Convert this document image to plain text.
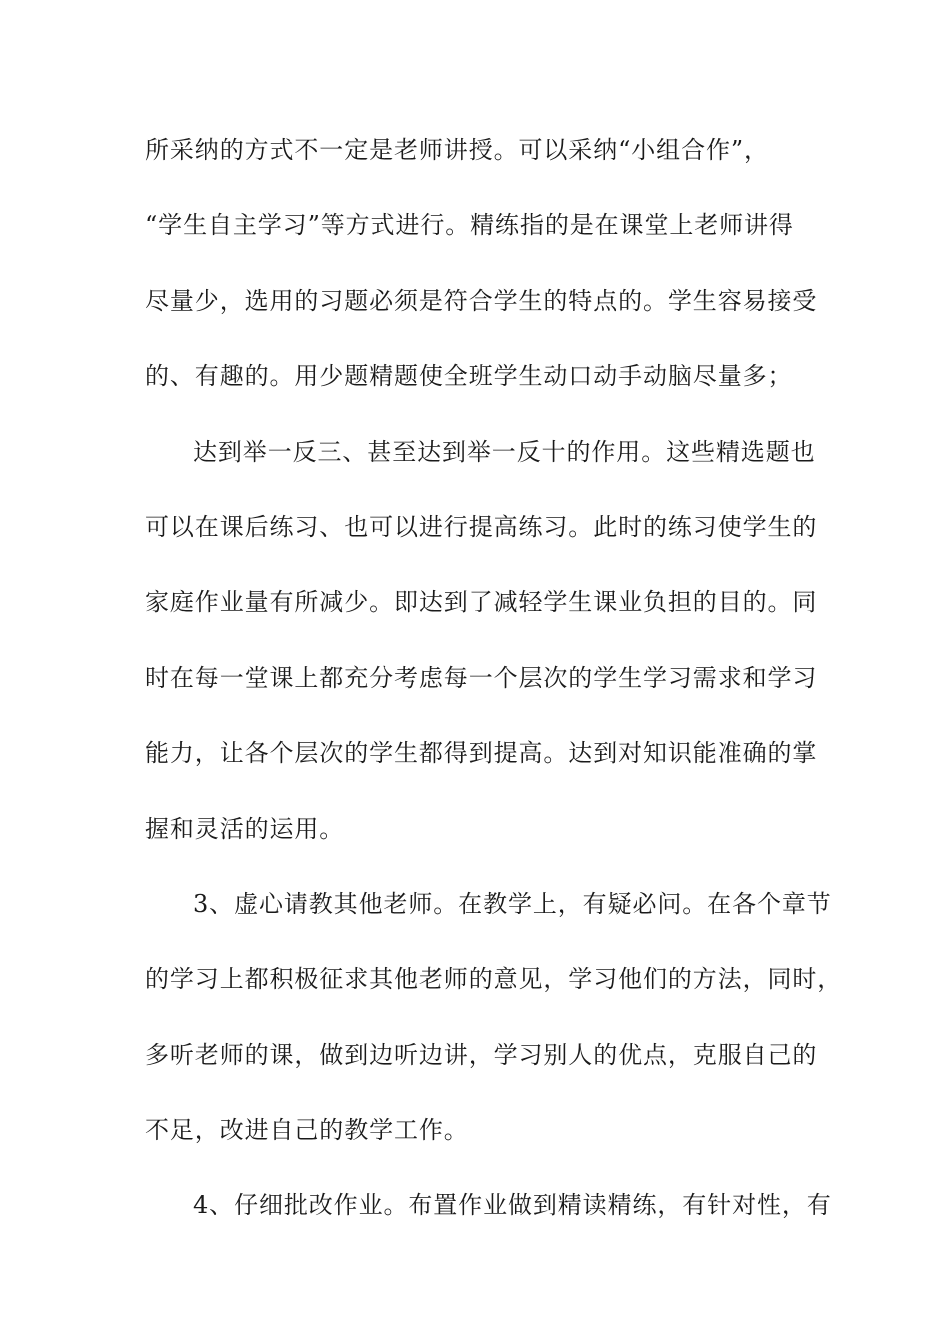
所采纳的方式不一定是老师讲授。可以采纳“小组合作”，
“学生自主学习”等方式进行。精练指的是在课堂上老师讲得
尽量少，选用的习题必须是符合学生的特点的。学生容易接受
的、有趣的。用少题精题使全班学生动口动手动脑尽量多；
达到举一反三、甚至达到举一反十的作用。这些精选题也
可以在课后练习、也可以进行提高练习。此时的练习使学生的
家庭作业量有所减少。即达到了减轻学生课业负担的目的。同
时在每一堂课上都充分考虑每一个层次的学生学习需求和学习
能力，让各个层次的学生都得到提高。达到对知识能准确的掌
握和灵活的运用。
3、虚心请教其他老师。在教学上，有疑必问。在各个章节
的学习上都积极征求其他老师的意见，学习他们的方法，同时，
多听老师的课，做到边听边讲，学习别人的优点，克服自己的
不足，改进自己的教学工作。
4、仔细批改作业。布置作业做到精读精练，有针对性，有
